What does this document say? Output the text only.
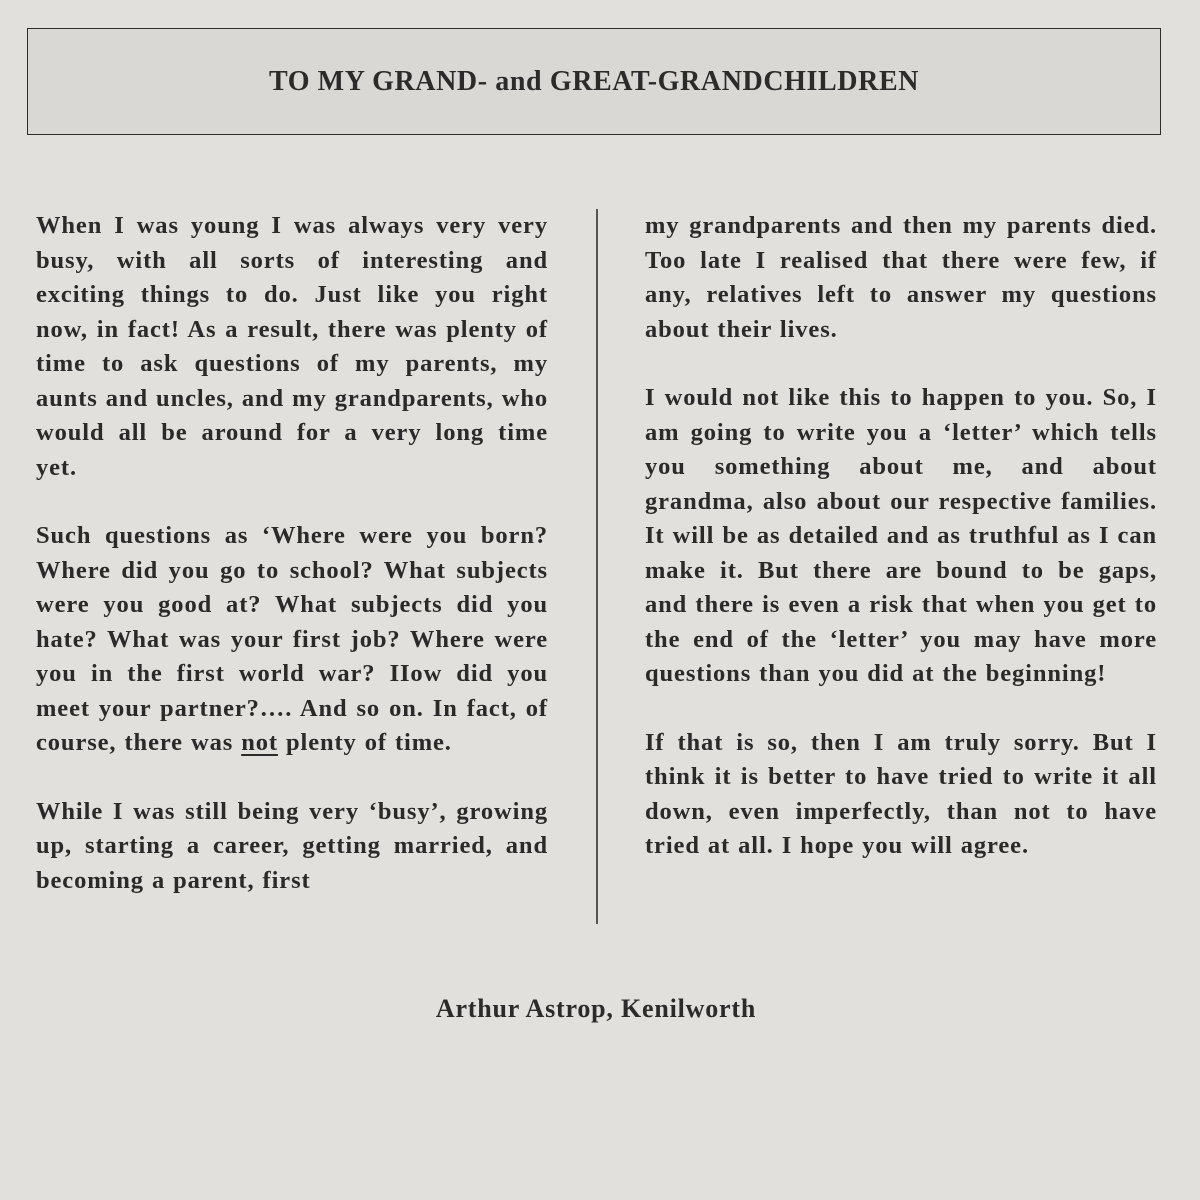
TO MY GRAND- and GREAT-GRANDCHILDREN

When I was young I was always very very busy, with all sorts of interesting and exciting things to do. Just like you right now, in fact! As a result, there was plenty of time to ask questions of my parents, my aunts and uncles, and my grandparents, who would all be around for a very long time yet.

Such questions as ‘Where were you born? Where did you go to school? What subjects were you good at? What subjects did you hate? What was your first job? Where were you in the first world war? IIow did you meet your partner?…. And so on. In fact, of course, there was not plenty of time.

While I was still being very ‘busy’, growing up, starting a career, getting married, and becoming a parent, first

my grandparents and then my parents died. Too late I realised that there were few, if any, relatives left to answer my questions about their lives.

I would not like this to happen to you. So, I am going to write you a ‘letter’ which tells you something about me, and about grandma, also about our respective families. It will be as detailed and as truthful as I can make it. But there are bound to be gaps, and there is even a risk that when you get to the end of the ‘letter’ you may have more questions than you did at the beginning!

If that is so, then I am truly sorry. But I think it is better to have tried to write it all down, even imperfectly, than not to have tried at all. I hope you will agree.

Arthur Astrop, Kenilworth
